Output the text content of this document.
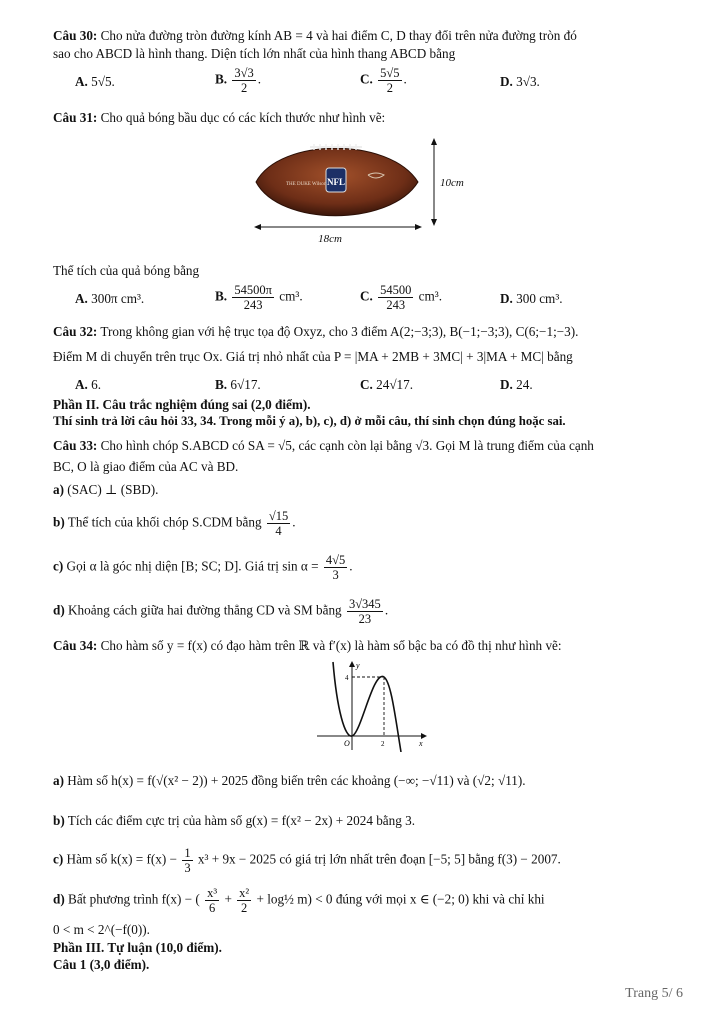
Câu 30: Cho nửa đường tròn đường kính AB = 4 và hai điểm C, D thay đổi trên nửa đường tròn đó
sao cho ABCD là hình thang. Diện tích lớn nhất của hình thang ABCD bằng
A. 5√5.	B. $\frac{3√3}{2}$ .	C. $\frac{5√5}{2}$ .	D. 3√3.
Câu 31: Cho quả bóng bầu dục có các kích thước như hình vẽ:
NFL
THE DUKE Wilson	10cm
18cm
Thể tích của quả bóng bằng
A. 300π cm³.	B. $\frac{54500\pi}{243} cm^3$.	C. $\frac{54500}{243} cm^3$.	D. 300 cm³.
Câu 32: Trong không gian với hệ trục tọa độ Oxyz, cho 3 điểm A(2;−3;3), B(−1;−3;3), C(6;−1;−3).
Điểm M di chuyển trên trục Ox. Giá trị nhỏ nhất của P = |MA + 2MB + 3MC| + 3|MA + MC| bằng
A. 6.	B. 6√17.	C. 24√17.	D. 24.
Phần II. Câu trắc nghiệm đúng sai (2,0 điểm).
Thí sinh trả lời câu hỏi 33, 34. Trong mỗi ý a), b), c), d) ở mỗi câu, thí sinh chọn đúng hoặc sai.
Câu 33: Cho hình chóp S.ABCD có SA = √5, các cạnh còn lại bằng √3. Gọi M là trung điểm của cạnh
BC, O là giao điểm của AC và BD.
a) (SAC) ⊥ (SBD).
b) Thể tích của khối chóp S.CDM bằng $\frac{√15}{4}$ .
c) Gọi α là góc nhị diện [B; SC; D]. Giá trị $\sin \alpha = \frac{4√5}{3}$ .
d) Khoảng cách giữa hai đường thẳng CD và SM bằng $\frac{3√345}{23}$ .
Câu 34: Cho hàm số y = f(x) có đạo hàm trên ℝ và f′(x) là hàm số bậc ba có đồ thị như hình vẽ:
y
x
O
4
2
a) Hàm số h(x) = f(√(x² − 2)) + 2025 đồng biến trên các khoảng (−∞; −√11) và (√2; √11).
b) Tích các điểm cực trị của hàm số g(x) = f(x² − 2x) + 2024 bằng 3.
c) Hàm số $k(x) = f(x) - \frac{1}{3} x^3 + 9x - 2025$ có giá trị lớn nhất trên đoạn [−5; 5] bằng f(3) − 2007.
d) Bất phương trình f(x) − ( $\frac{\text{x³}}{6} + \frac{\text{x²}}{2}$ + log½ m) < 0 đúng với mọi x ∈ (−2; 0) khi và chỉ khi
0 < m < 2^(−f(0)).
Phần III. Tự luận (10,0 điểm).
Câu 1 (3,0 điểm).
Trang 5/ 6
